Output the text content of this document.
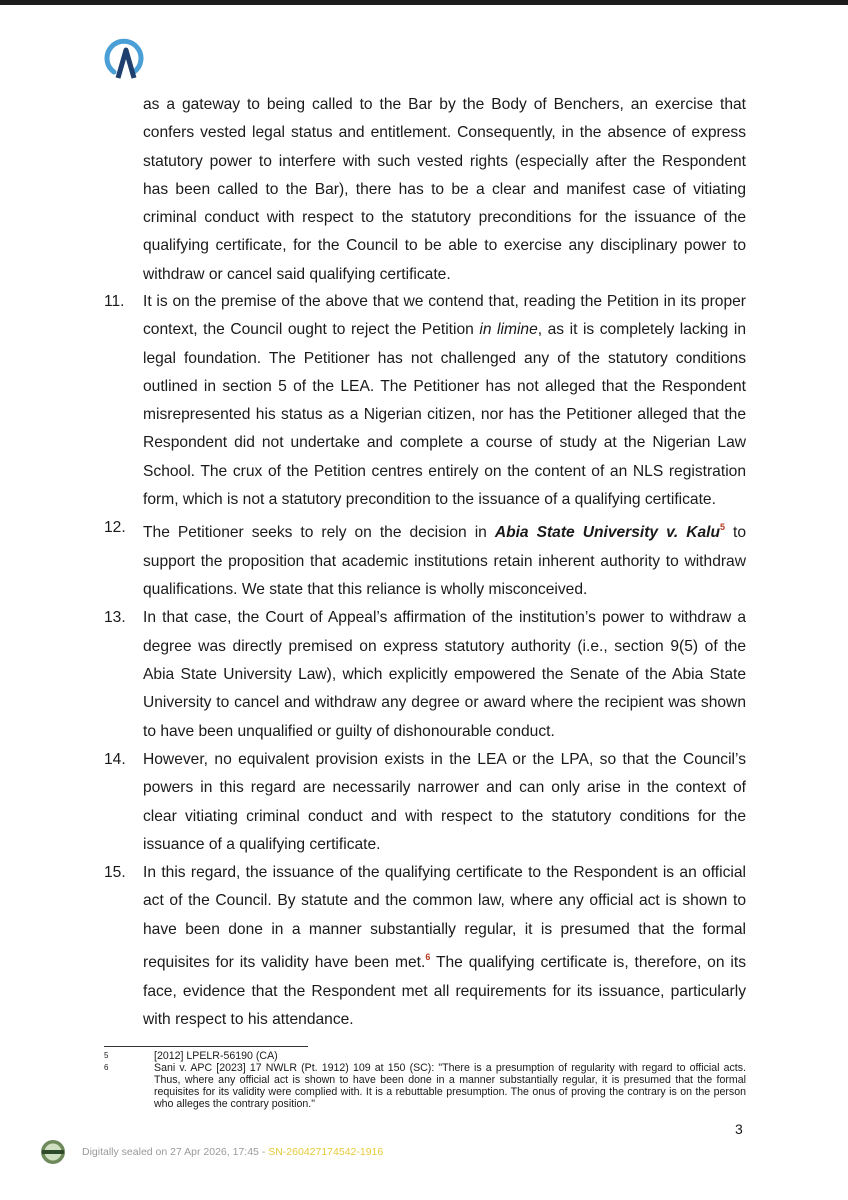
as a gateway to being called to the Bar by the Body of Benchers, an exercise that confers vested legal status and entitlement. Consequently, in the absence of express statutory power to interfere with such vested rights (especially after the Respondent has been called to the Bar), there has to be a clear and manifest case of vitiating criminal conduct with respect to the statutory preconditions for the issuance of the qualifying certificate, for the Council to be able to exercise any disciplinary power to withdraw or cancel said qualifying certificate.
11.	It is on the premise of the above that we contend that, reading the Petition in its proper context, the Council ought to reject the Petition in limine, as it is completely lacking in legal foundation. The Petitioner has not challenged any of the statutory conditions outlined in section 5 of the LEA. The Petitioner has not alleged that the Respondent misrepresented his status as a Nigerian citizen, nor has the Petitioner alleged that the Respondent did not undertake and complete a course of study at the Nigerian Law School. The crux of the Petition centres entirely on the content of an NLS registration form, which is not a statutory precondition to the issuance of a qualifying certificate.
12.	The Petitioner seeks to rely on the decision in Abia State University v. Kalu$^5$ to support the proposition that academic institutions retain inherent authority to withdraw qualifications. We state that this reliance is wholly misconceived.
13.	In that case, the Court of Appeal’s affirmation of the institution’s power to withdraw a degree was directly premised on express statutory authority (i.e., section 9(5) of the Abia State University Law), which explicitly empowered the Senate of the Abia State University to cancel and withdraw any degree or award where the recipient was shown to have been unqualified or guilty of dishonourable conduct.
14.	However, no equivalent provision exists in the LEA or the LPA, so that the Council’s powers in this regard are necessarily narrower and can only arise in the context of clear vitiating criminal conduct and with respect to the statutory conditions for the issuance of a qualifying certificate.
15.	In this regard, the issuance of the qualifying certificate to the Respondent is an official act of the Council. By statute and the common law, where any official act is shown to have been done in a manner substantially regular, it is presumed that the formal requisites for its validity have been met.$^6$ The qualifying certificate is, therefore, on its face, evidence that the Respondent met all requirements for its issuance, particularly with respect to his attendance.
5	[2012] LPELR-56190 (CA)
6	Sani v. APC [2023] 17 NWLR (Pt. 1912) 109 at 150 (SC): "There is a presumption of regularity with regard to official acts. Thus, where any official act is shown to have been done in a manner substantially regular, it is presumed that the formal requisites for its validity were complied with. It is a rebuttable presumption. The onus of proving the contrary is on the person who alleges the contrary position."
3
Digitally sealed on 27 Apr 2026, 17:45 - SN-260427174542-1916
